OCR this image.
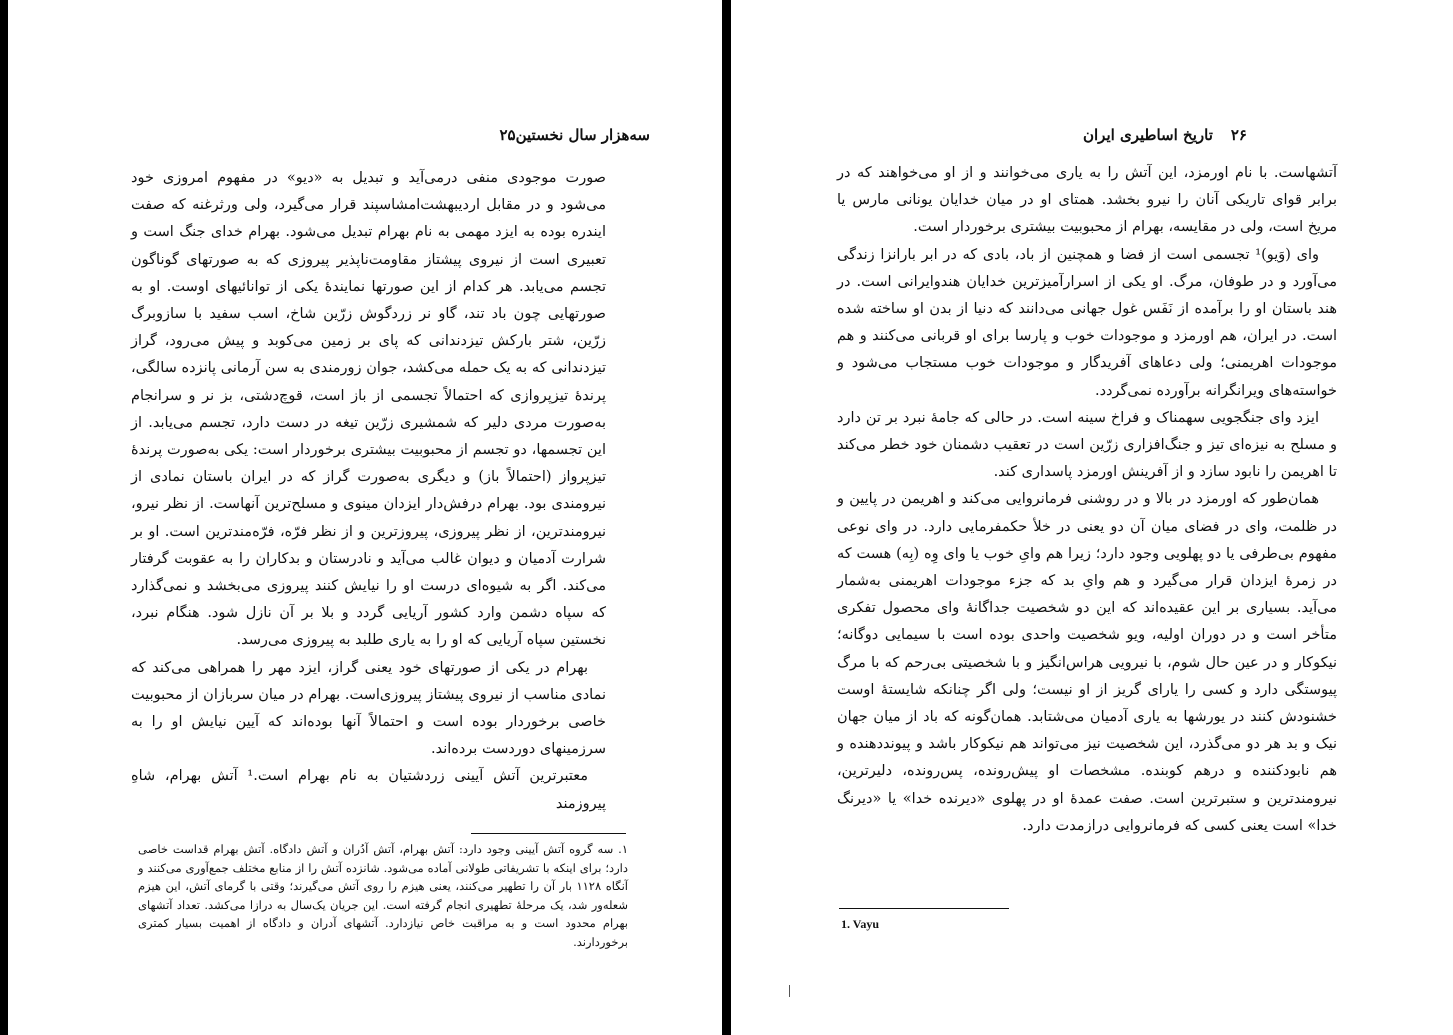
سه‌هزار سال نخستین۲۵

صورت موجودی منفی درمی‌آید و تبدیل به «دیو» در مفهوم امروزی خود می‌شود و در مقابل اردیبهشت‌امشاسپند قرار می‌گیرد، ولی ورثرغنه که صفت ایندره بوده به ایزد مهمی به نام بهرام تبدیل می‌شود. بهرام خدای جنگ است و تعبیری است از نیروی پیشتاز مقاومت‌ناپذیر پیروزی که به صورتهای گوناگون تجسم می‌یابد. هر کدام از این صورتها نمایندهٔ یکی از توانائیهای اوست. او به صورتهایی چون باد تند، گاو نر زردگوش زرّین شاخ، اسب سفید با سازوبرگ زرّین، شتر بارکش تیزدندانی که پای بر زمین می‌کوبد و پیش می‌رود، گراز تیزدندانی که به یک حمله می‌کشد، جوان زورمندی به سن آرمانی پانزده سالگی، پرندهٔ تیزپروازی که احتمالاً تجسمی از باز است، قوچ‌دشتی، بز نر و سرانجام به‌صورت مردی دلیر که شمشیری زرّین تیغه در دست دارد، تجسم می‌یابد. از این تجسمها، دو تجسم از محبوبیت بیشتری برخوردار است: یکی به‌صورت پرندهٔ تیزپرواز (احتمالاً باز) و دیگری به‌صورت گراز که در ایران باستان نمادی از نیرومندی بود. بهرام درفش‌دار ایزدان مینوی و مسلح‌ترین آنهاست. از نظر نیرو، نیرومندترین، از نظر پیروزی، پیروزترین و از نظر فرّه، فرّه‌مندترین است. او بر شرارت آدمیان و دیوان غالب می‌آید و نادرستان و بدکاران را به عقوبت گرفتار می‌کند. اگر به شیوه‌ای درست او را نیایش کنند پیروزی می‌بخشد و نمی‌گذارد که سپاه دشمن وارد کشور آریایی گردد و بلا بر آن نازل شود. هنگام نبرد، نخستین سپاه آریایی که او را به یاری طلبد به پیروزی می‌رسد.

بهرام در یکی از صورتهای خود یعنی گراز، ایزد مهر را همراهی می‌کند که نمادی مناسب از نیروی پیشتاز پیروزی‌است. بهرام در میان سربازان از محبوبیت خاصی برخوردار بوده است و احتمالاً آنها بوده‌اند که آیین نیایش او را به سرزمینهای دوردست برده‌اند.

معتبرترین آتش آیینی زردشتیان به نام بهرام است.¹ آتش بهرام، شاهِ پیروزمند

۱. سه گروه آتش آیینی وجود دارد: آتش بهرام، آتش آدُران و آتش دادگاه. آتش بهرام قداست خاصی دارد؛ برای اینکه با تشریفاتی طولانی آماده می‌شود. شانزده آتش را از منابع مختلف جمع‌آوری می‌کنند و آنگاه ۱۱۲۸ بار آن را تطهیر می‌کنند، یعنی هیزم را روی آتش می‌گیرند؛ وقتی با گرمای آتش، این هیزم شعله‌ور شد، یک مرحلهٔ تطهیری انجام گرفته است. این جریان یک‌سال به درازا می‌کشد. تعداد آتشهای بهرام محدود است و به مراقبت خاص نیازدارد. آتشهای آدران و دادگاه از اهمیت بسیار کمتری برخوردارند.

۲۶تاریخ اساطیری ایران

آتشهاست. با نام اورمزد، این آتش را به یاری می‌خوانند و از او می‌خواهند که در برابر قوای تاریکی آنان را نیرو بخشد. همتای او در میان خدایان یونانی مارس یا مریخ است، ولی در مقایسه، بهرام از محبوبیت بیشتری برخوردار است.

وای (وَیو)¹ تجسمی است از فضا و همچنین از باد، بادی که در ابر بارانزا زندگی می‌آورد و در طوفان، مرگ. او یکی از اسرارآمیزترین خدایان هندوایرانی است. در هند باستان او را برآمده از نَفَس غول جهانی می‌دانند که دنیا از بدن او ساخته شده است. در ایران، هم اورمزد و موجودات خوب و پارسا برای او قربانی می‌کنند و هم موجودات اهریمنی؛ ولی دعاهای آفریدگار و موجودات خوب مستجاب می‌شود و خواسته‌های ویرانگرانه برآورده نمی‌گردد.

ایزد وای جنگجویی سهمناک و فراخ سینه است. در حالی که جامهٔ نبرد بر تن دارد و مسلح به نیزه‌ای تیز و جنگ‌افزاری زرّین است در تعقیب دشمنان خود خطر می‌کند تا اهریمن را نابود سازد و از آفرینش اورمزد پاسداری کند.

همان‌طور که اورمزد در بالا و در روشنی فرمانروایی می‌کند و اهریمن در پایین و در ظلمت، وای در فضای میان آن دو یعنی در خلأ حکمفرمایی دارد. در وای نوعی مفهوم بی‌طرفی یا دو پهلویی وجود دارد؛ زیرا هم وایِ خوب یا وای وِه (بِه) هست که در زمرهٔ ایزدان قرار می‌گیرد و هم وایِ بد که جزء موجودات اهریمنی به‌شمار می‌آید. بسیاری بر این عقیده‌اند که این دو شخصیت جداگانهٔ وای محصول تفکری متأخر است و در دوران اولیه، ویو شخصیت واحدی بوده است با سیمایی دوگانه؛ نیکوکار و در عین حال شوم، با نیرویی هراس‌انگیز و با شخصیتی بی‌رحم که با مرگ پیوستگی دارد و کسی را یارای گریز از او نیست؛ ولی اگر چنانکه شایستهٔ اوست خشنودش کنند در یورشها به یاری آدمیان می‌شتابد. همان‌گونه که باد از میان جهان نیک و بد هر دو می‌گذرد، این شخصیت نیز می‌تواند هم نیکوکار باشد و پیونددهنده و هم نابودکننده و درهم کوبنده. مشخصات او پیش‌رونده، پس‌رونده، دلیرترین، نیرومندترین و ستبرترین است. صفت عمدهٔ او در پهلوی «دیرنده خدا» یا «دیرنگ خدا» است یعنی کسی که فرمانروایی درازمدت دارد.

1. Vayu
